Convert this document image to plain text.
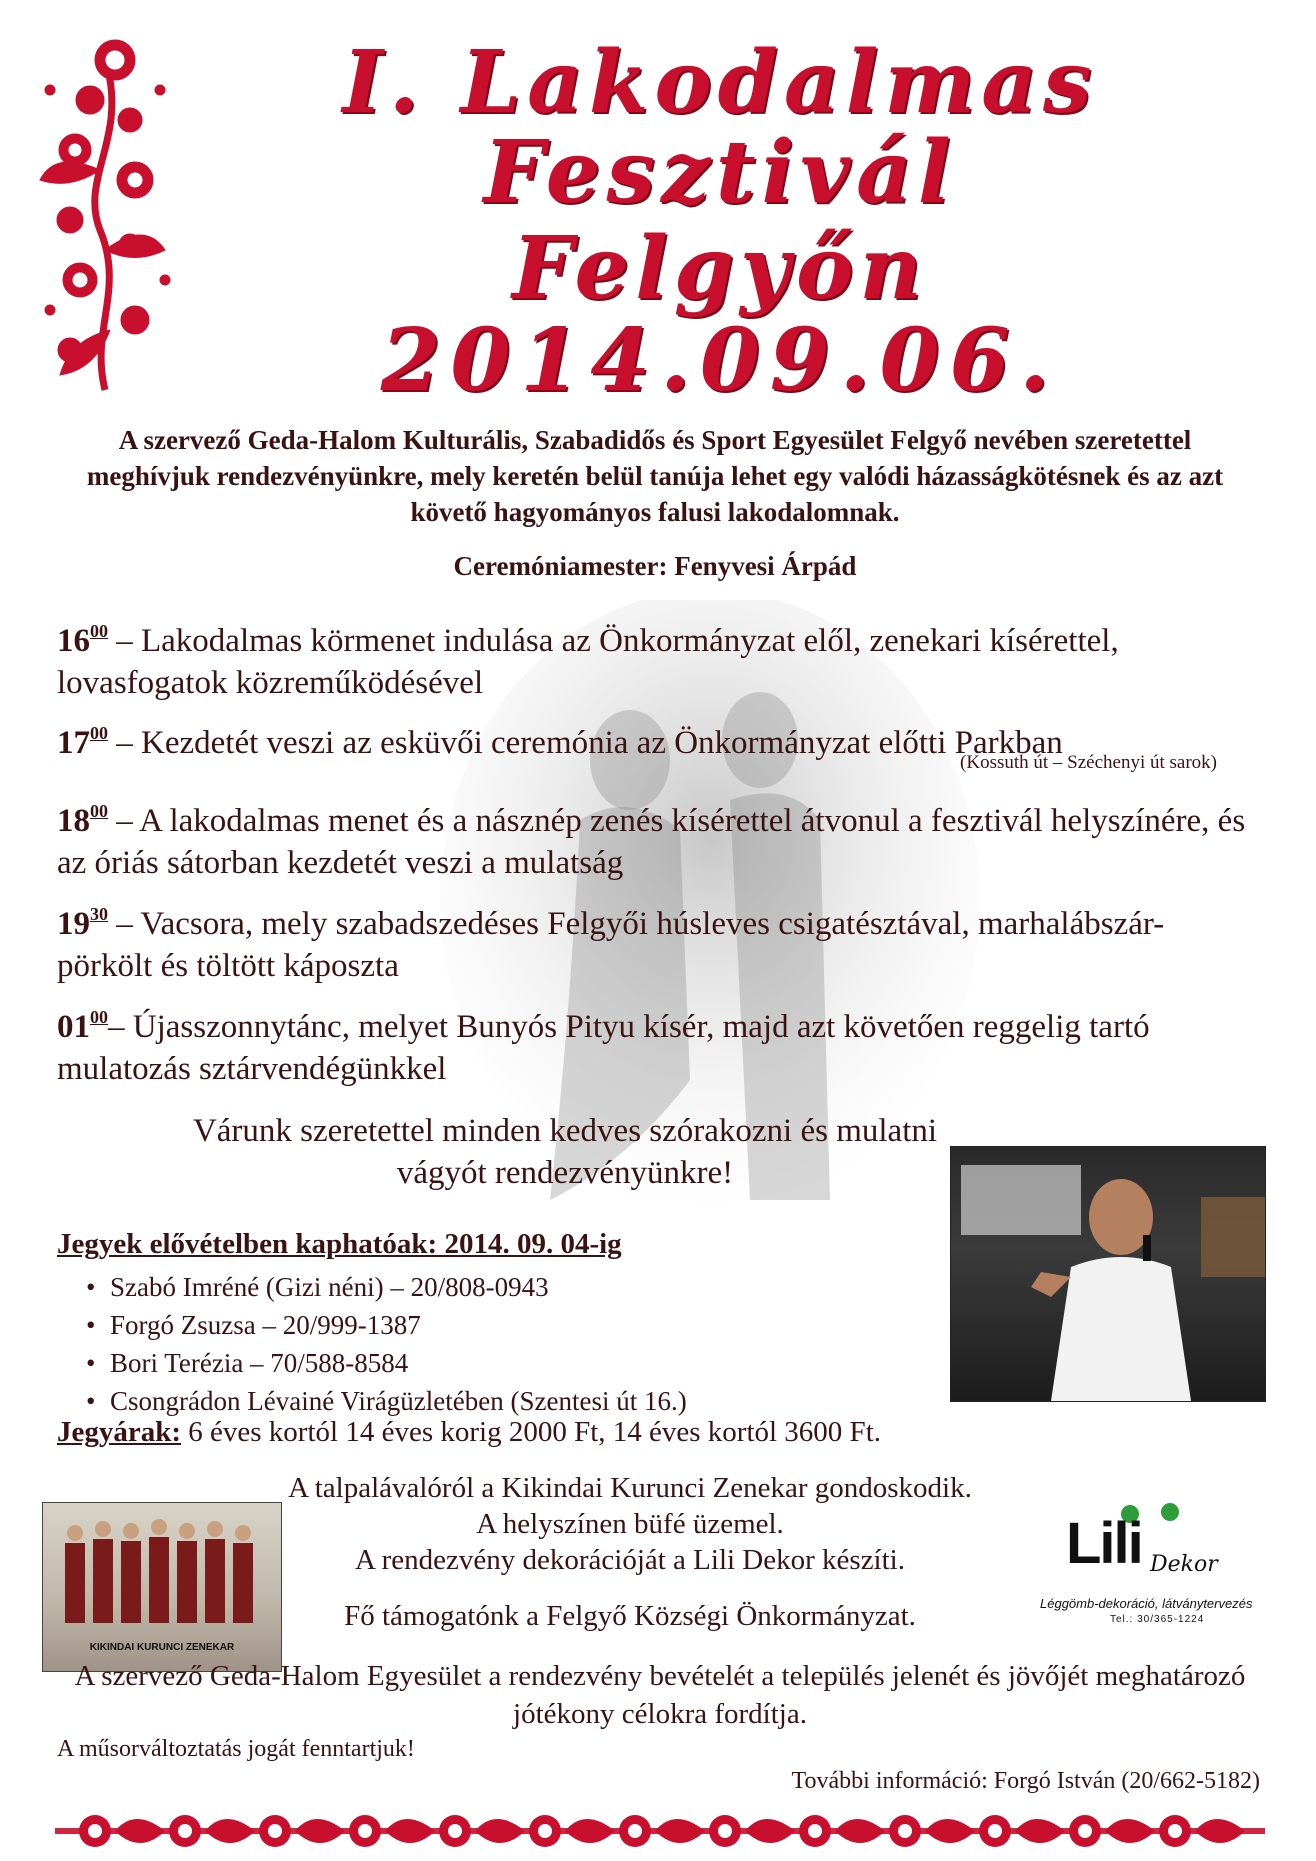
I. Lakodalmas
Fesztivál
Felgyőn
2014.09.06.
A szervező Geda-Halom Kulturális, Szabadidős és Sport Egyesület Felgyő nevében szeretettel meghívjuk rendezvényünkre, mely keretén belül tanúja lehet egy valódi házasságkötésnek és az azt követő hagyományos falusi lakodalomnak.
Ceremóniamester: Fenyvesi Árpád
$16^{00}$ – Lakodalmas körmenet indulása az Önkormányzat elől, zenekari kísérettel, lovasfogatok közreműködésével
$17^{00}$ – Kezdetét veszi az esküvői ceremónia az Önkormányzat előtti Parkban
(Kossuth út – Széchenyi út sarok)
$18^{00}$ – A lakodalmas menet és a násznép zenés kísérettel átvonul a fesztivál helyszínére, és az óriás sátorban kezdetét veszi a mulatság
$19^{30}$ – Vacsora, mely szabadszedéses Felgyői húsleves csigatésztával, marhalábszár-pörkölt és töltött káposzta
$01^{00}-$ Újasszonnytánc, melyet Bunyós Pityu kísér, majd azt követően reggelig tartó mulatozás sztárvendégünkkel
Várunk szeretettel minden kedves szórakozni és mulatni vágyót rendezvényünkre!
Jegyek elővételben kaphatóak: 2014. 09. 04-ig
• Szabó Imréné (Gizi néni) – 20/808-0943
• Forgó Zsuzsa – 20/999-1387
• Bori Terézia – 70/588-8584
• Csongrádon Lévainé Virágüzletében (Szentesi út 16.)
Jegyárak: 6 éves kortól 14 éves korig 2000 Ft, 14 éves kortól 3600 Ft.
KIKINDAI KURUNCI ZENEKAR
A talpalávalóról a Kikindai Kurunci Zenekar gondoskodik.
A helyszínen büfé üzemel.
A rendezvény dekorációját a Lili Dekor készíti.	Lili Dekor
Léggömb-dekoráció, látványtervezés
Tel.: 30/365-1224
Fő támogatónk a Felgyő Községi Önkormányzat.
A szervező Geda-Halom Egyesület a rendezvény bevételét a település jelenét és jövőjét meghatározó jótékony célokra fordítja.
A műsorváltoztatás jogát fenntartjuk!
További információ: Forgó István (20/662-5182)
